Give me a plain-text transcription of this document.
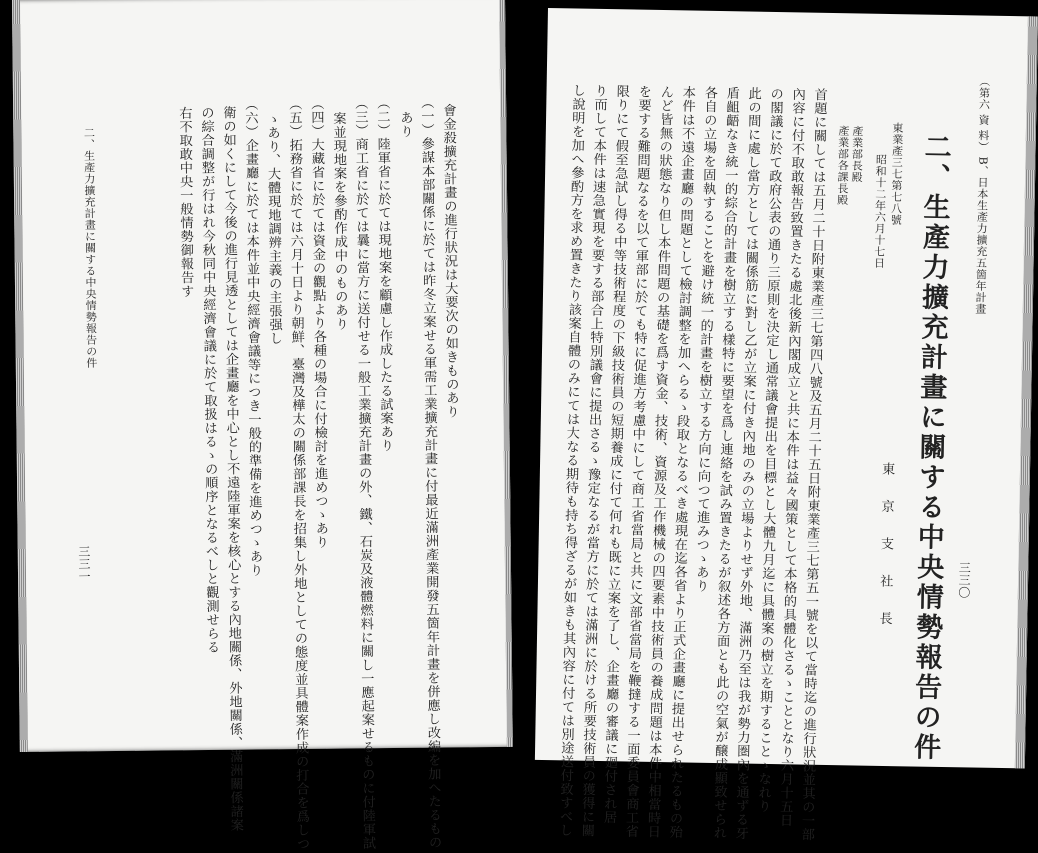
會金殺擴充計畫の進行狀況は大要次の如きものあり
（一）參謀本部關係に於ては昨冬立案せる軍需工業擴充計畫に付最近滿洲產業開發五箇年計畫を併應し改編を加へたるもの
あり
（二）陸軍省に於ては現地案を顧慮し作成したる試案あり
（三）商工省に於ては曩に當方に送付せる一般工業擴充計畫の外、鐵、石炭及液體燃料に關し一應起案せるものに付陸軍試
案並現地案を參酌作成中のものあり
（四）大藏省に於ては資金の觀點より各種の場合に付檢討を進めつゝあり
（五）拓務省に於ては六月十日より朝鮮、臺灣及樺太の關係部課長を招集し外地としての態度並具體案作成の打合を爲しつ
ゝあり、大體現地調辨主義の主張强し
（六）企畫廳に於ては本件並中央經濟會議等につき一般的準備を進めつゝあり
衛の如くにして今後の進行見透としては企畫廳を中心とし不遠陸軍案を核心とする內地關係、外地關係、滿洲關係諸案
の綜合調整が行はれ今秋同中央經濟會議に於て取扱はるゝの順序となるべしと觀測せらる
右不取敢中央一般情勢御報告す
二、生產力擴充計畫に關する中央情勢報告の件
三三一
（第六 資 料） B、日本生產力擴充五箇年計畫
二、生產力擴充計畫に關する中央情勢報告の件
東業產三七第七八號
昭和十二年六月十七日
東 京 支 社 長
產業部長殿
產業部各課長殿
首題に關しては五月二十日附東業產三七第四八號及五月二十五日附東業產三七第五一號を以て當時迄の進行狀況並其の一部
內容に付不取敢報告致置きたる處北後新內閣成立と共に本件は益々國策として本格的具體化さるゝこととなり六月十五日
の閣議に於て政府公表の通り三原則を決定し通常議會提出を目標とし大體九月迄に具體案の樹立を期することゝなれり
此の間に處し當方としては關係筋に對し乙が立案に付き內地のみの立場よりせず外地、滿洲乃至は我が勢力圏內を通ずる牙
盾齟齬なき統一的綜合的計畫を樹立する樣特に要望を爲し連絡を試み置きたるが叙述各方面とも此の空氣が醸成顯致せられ
各自の立場を固執することを避け統一的計畫を樹立する方向に向つて進みつゝあり
本件は不遠企畫廳の問題として檢討調整を加へらるゝ段取となるべき處現在迄各省より正式企畫廳に提出せられたるもの殆
んど皆無の狀態なり但し本件問題の基礎を爲す資金、技術、資源及工作機械の四要素中技術員の養成問題は本件中相當時日
を要する難問題なるを以て軍部に於ても特に促進方考慮中にして商工省當局と共に文部省當局を鞭撻する一面委員會商工省
限りにて假至急試し得る中等技術程度の下級技術員の短期養成に付て何れも既に立案を了し、企畫廳の審議に廻付され居
り而して本件は速急實現を要する部合上特別議會に提出さるゝ豫定なるが當方に於ては滿洲に於ける所要技術員の獲得に關
し說明を加へ參酌方を求め置きたり該案自體のみにては大なる期待も持ち得ざるが如きも其內容に付ては別途送付致すべし	三三〇
